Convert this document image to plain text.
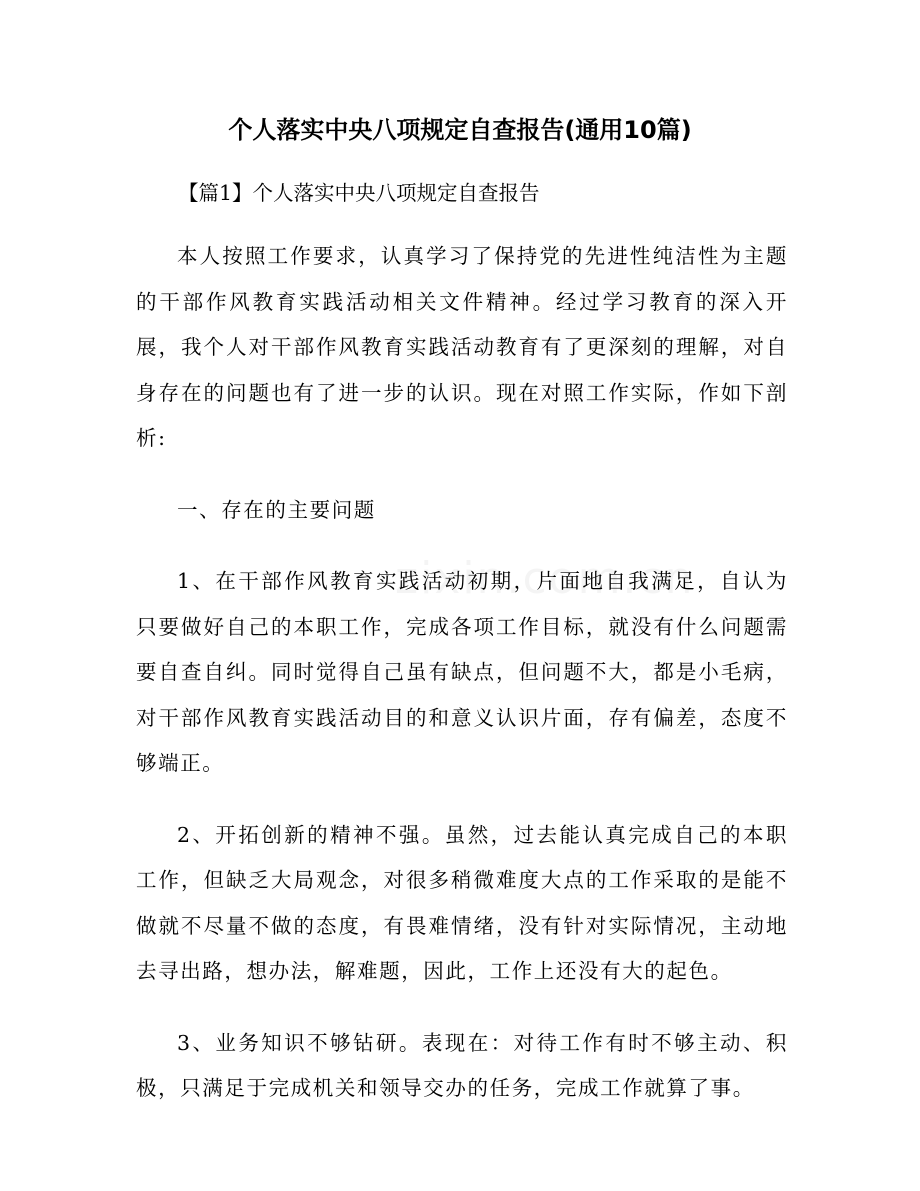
个人落实中央八项规定自查报告(通用10篇)
【篇1】个人落实中央八项规定自查报告

本人按照工作要求，认真学习了保持党的先进性纯洁性为主题的干部作风教育实践活动相关文件精神。经过学习教育的深入开展，我个人对干部作风教育实践活动教育有了更深刻的理解，对自身存在的问题也有了进一步的认识。现在对照工作实际，作如下剖析:

一、存在的主要问题

1、在干部作风教育实践活动初期，片面地自我满足，自认为只要做好自己的本职工作，完成各项工作目标，就没有什么问题需要自查自纠。同时觉得自己虽有缺点，但问题不大，都是小毛病，对干部作风教育实践活动目的和意义认识片面，存有偏差，态度不够端正。

2、开拓创新的精神不强。虽然，过去能认真完成自己的本职工作，但缺乏大局观念，对很多稍微难度大点的工作采取的是能不做就不尽量不做的态度，有畏难情绪，没有针对实际情况，主动地去寻出路，想办法，解难题，因此，工作上还没有大的起色。

3、业务知识不够钻研。表现在：对待工作有时不够主动、积极，只满足于完成机关和领导交办的任务，完成工作就算了事。
